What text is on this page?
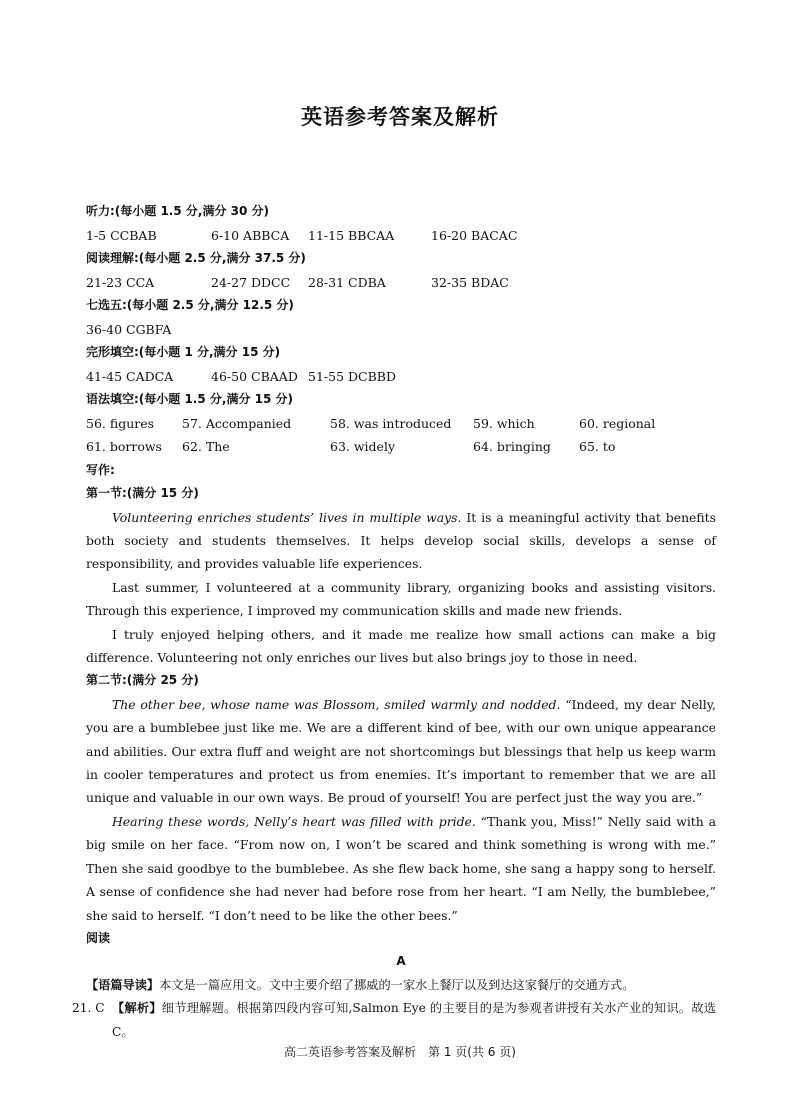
英语参考答案及解析
听力:(每小题 1.5 分,满分 30 分)
1-5 CCBAB	6-10 ABBCA	11-15 BBCAA	16-20 BACAC
阅读理解:(每小题 2.5 分,满分 37.5 分)
21-23 CCA	24-27 DDCC	28-31 CDBA	32-35 BDAC
七选五:(每小题 2.5 分,满分 12.5 分)
36-40 CGBFA
完形填空:(每小题 1 分,满分 15 分)
41-45 CADCA	46-50 CBAAD 51-55 DCBBD
语法填空:(每小题 1.5 分,满分 15 分)
56. figures	57. Accompanied	58. was introduced	59. which	60. regional
61. borrows	62. The	63. widely	64. bringing	65. to
写作:
第一节:(满分 15 分)
Volunteering enriches students’ lives in multiple ways. It is a meaningful activity that benefits both society and students themselves. It helps develop social skills, develops a sense of responsibility, and provides valuable life experiences.
Last summer, I volunteered at a community library, organizing books and assisting visitors. Through this experience, I improved my communication skills and made new friends.
I truly enjoyed helping others, and it made me realize how small actions can make a big difference. Volunteering not only enriches our lives but also brings joy to those in need.
第二节:(满分 25 分)
The other bee, whose name was Blossom, smiled warmly and nodded. “Indeed, my dear Nelly, you are a bumblebee just like me. We are a different kind of bee, with our own unique appearance and abilities. Our extra fluff and weight are not shortcomings but blessings that help us keep warm in cooler temperatures and protect us from enemies. It’s important to remember that we are all unique and valuable in our own ways. Be proud of yourself! You are perfect just the way you are.”
Hearing these words, Nelly’s heart was filled with pride. “Thank you, Miss!” Nelly said with a big smile on her face. “From now on, I won’t be scared and think something is wrong with me.” Then she said goodbye to the bumblebee. As she flew back home, she sang a happy song to herself. A sense of confidence she had never had before rose from her heart. “I am Nelly, the bumblebee,” she said to herself. “I don’t need to be like the other bees.”
阅读
A
【语篇导读】本文是一篇应用文。文中主要介绍了挪威的一家水上餐厅以及到达这家餐厅的交通方式。
21. C 【解析】细节理解题。根据第四段内容可知,Salmon Eye 的主要目的是为参观者讲授有关水产业的知识。故选 C。
高二英语参考答案及解析　第 1 页(共 6 页)
